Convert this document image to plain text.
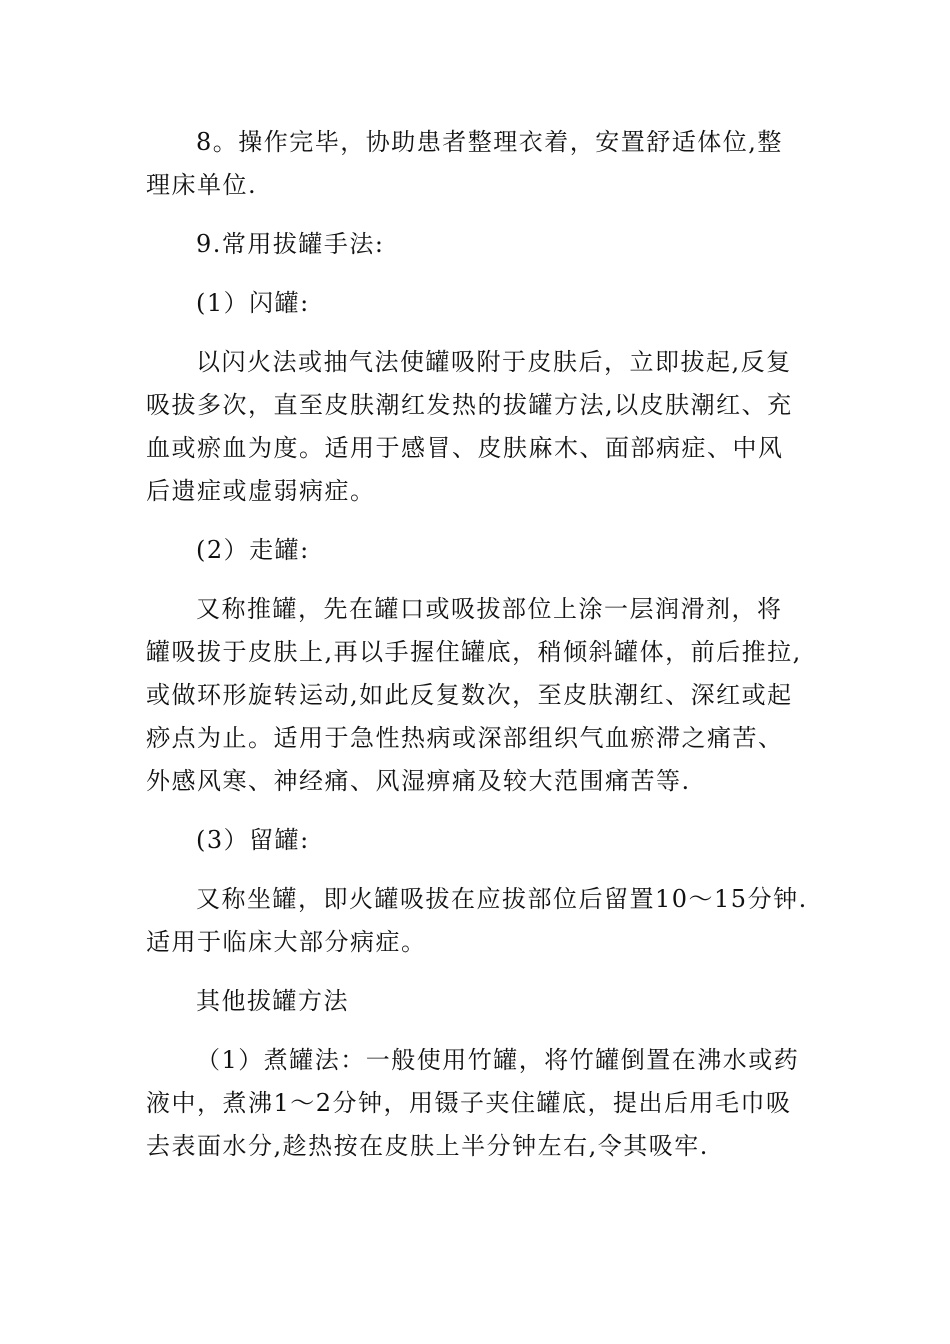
8。操作完毕，协助患者整理衣着，安置舒适体位,整
理床单位.
9.常用拔罐手法:
(1）闪罐:
以闪火法或抽气法使罐吸附于皮肤后，立即拔起,反复
吸拔多次，直至皮肤潮红发热的拔罐方法,以皮肤潮红、充
血或瘀血为度。适用于感冒、皮肤麻木、面部病症、中风
后遗症或虚弱病症。
(2）走罐:
又称推罐，先在罐口或吸拔部位上涂一层润滑剂，将
罐吸拔于皮肤上,再以手握住罐底，稍倾斜罐体，前后推拉,
或做环形旋转运动,如此反复数次，至皮肤潮红、深红或起
痧点为止。适用于急性热病或深部组织气血瘀滞之痛苦、
外感风寒、神经痛、风湿痹痛及较大范围痛苦等.
(3）留罐:
又称坐罐，即火罐吸拔在应拔部位后留置10～15分钟.
适用于临床大部分病症。
其他拔罐方法
（1）煮罐法：一般使用竹罐，将竹罐倒置在沸水或药
液中，煮沸1～2分钟，用镊子夹住罐底，提出后用毛巾吸
去表面水分,趁热按在皮肤上半分钟左右,令其吸牢.
